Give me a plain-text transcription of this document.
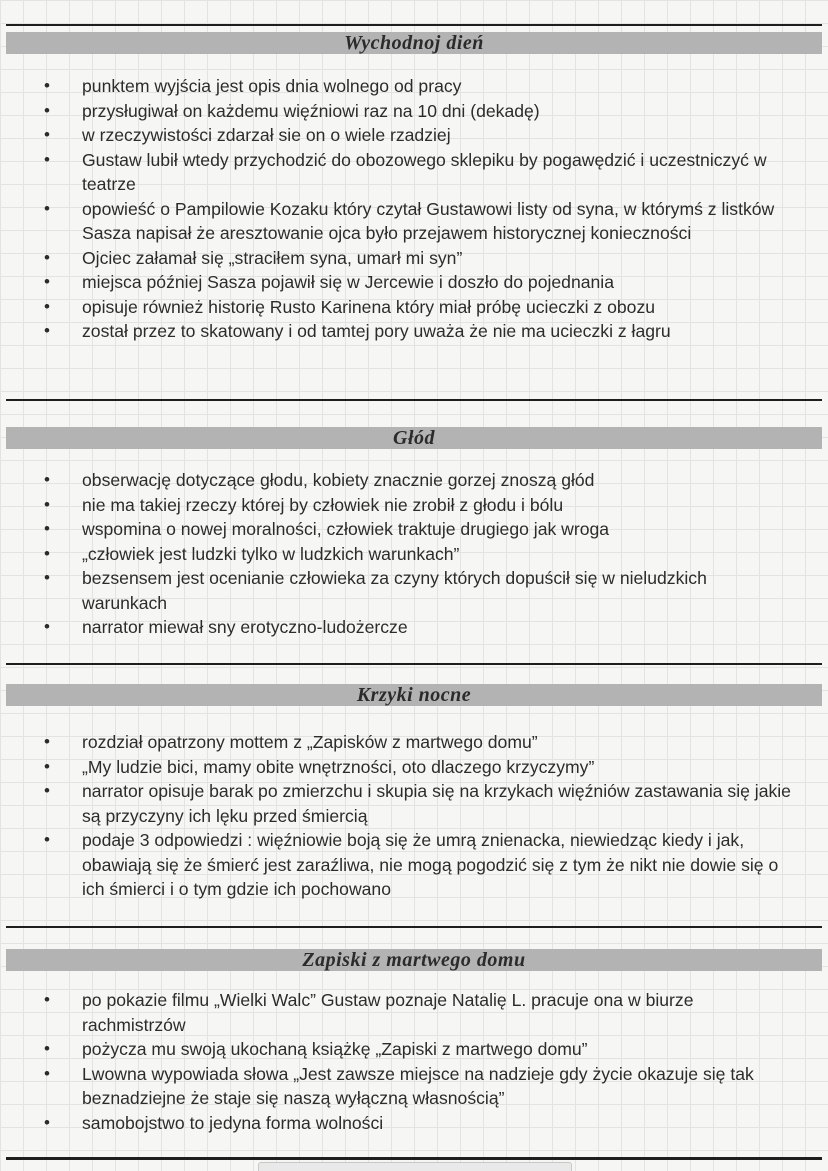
Wychodnoj dień
• punktem wyjścia jest opis dnia wolnego od pracy
• przysługiwał on każdemu więźniowi raz na 10 dni (dekadę)
• w rzeczywistości zdarzał sie on o wiele rzadziej
• Gustaw lubił wtedy przychodzić do obozowego sklepiku by pogawędzić i uczestniczyć w teatrze
• opowieść o Pampilowie Kozaku który czytał Gustawowi listy od syna, w którymś z listków Sasza napisał że aresztowanie ojca było przejawem historycznej konieczności
• Ojciec załamał się „straciłem syna, umarł mi syn”
• miejsca później Sasza pojawił się w Jercewie i doszło do pojednania
• opisuje również historię Rusto Karinena który miał próbę ucieczki z obozu
• został przez to skatowany i od tamtej pory uważa że nie ma ucieczki z łagru
Głód
• obserwację dotyczące głodu, kobiety znacznie gorzej znoszą głód
• nie ma takiej rzeczy której by człowiek nie zrobił z głodu i bólu
• wspomina o nowej moralności, człowiek traktuje drugiego jak wroga
• „człowiek jest ludzki tylko w ludzkich warunkach”
• bezsensem jest ocenianie człowieka za czyny których dopuścił się w nieludzkich warunkach
• narrator miewał sny erotyczno-ludożercze
Krzyki nocne
• rozdział opatrzony mottem z „Zapisków z martwego domu”
• „My ludzie bici, mamy obite wnętrzności, oto dlaczego krzyczymy”
• narrator opisuje barak po zmierzchu i skupia się na krzykach więźniów zastawania się jakie są przyczyny ich lęku przed śmiercią
• podaje 3 odpowiedzi : więźniowie boją się że umrą znienacka, niewiedząc kiedy i jak, obawiają się że śmierć jest zaraźliwa, nie mogą pogodzić się z tym że nikt nie dowie się o ich śmierci i o tym gdzie ich pochowano
Zapiski z martwego domu
• po pokazie filmu „Wielki Walc” Gustaw poznaje Natalię L. pracuje ona w biurze rachmistrzów
• pożycza mu swoją ukochaną książkę „Zapiski z martwego domu”
• Lwowna wypowiada słowa „Jest zawsze miejsce na nadzieje gdy życie okazuje się tak beznadziejne że staje się naszą wyłączną własnością”
• samobojstwo to jedyna forma wolności
